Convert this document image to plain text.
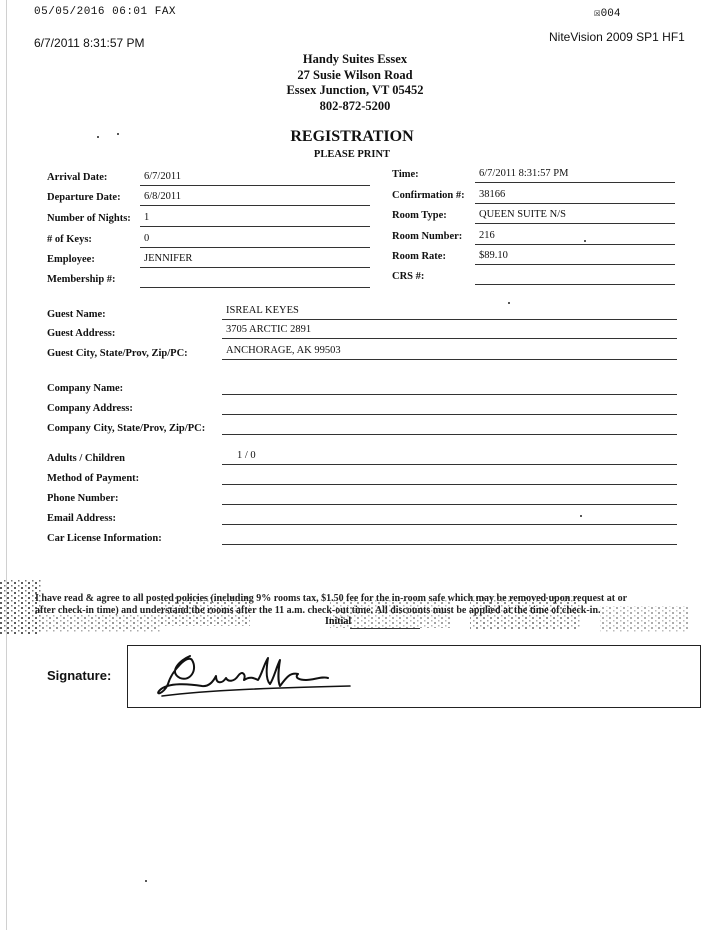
05/05/2016 06:01 FAX	☒004
6/7/2011 8:31:57 PM	NiteVision 2009 SP1 HF1
Handy Suites Essex
27 Susie Wilson Road
Essex Junction, VT 05452
802-872-5200
REGISTRATION
PLEASE PRINT
Arrival Date:	6/7/2011
Departure Date: 6/8/2011
Number of Nights: 1
# of Keys:	0
Employee:	JENNIFER
Membership #:
Time:	6/7/2011 8:31:57 PM
Confirmation #: 38166
Room Type:	QUEEN SUITE N/S
Room Number: 216
Room Rate:	$89.10
CRS #:
Guest Name:	ISREAL KEYES
Guest Address:	3705 ARCTIC 2891
Guest City, State/Prov, Zip/PC:	ANCHORAGE, AK 99503
Company Name:
Company Address:
Company City, State/Prov, Zip/PC:
Adults / Children	1 / 0
Method of Payment:
Phone Number:
Email Address:
Car License Information:
I have read & agree to all posted policies (including 9% rooms tax, $1.50 fee for the in-room safe which may be removed upon request at or
after check-in time) and understand the rooms after the 11 a.m. check-out time. All discounts must be applied at the time of check-in.
Initial
Signature:
